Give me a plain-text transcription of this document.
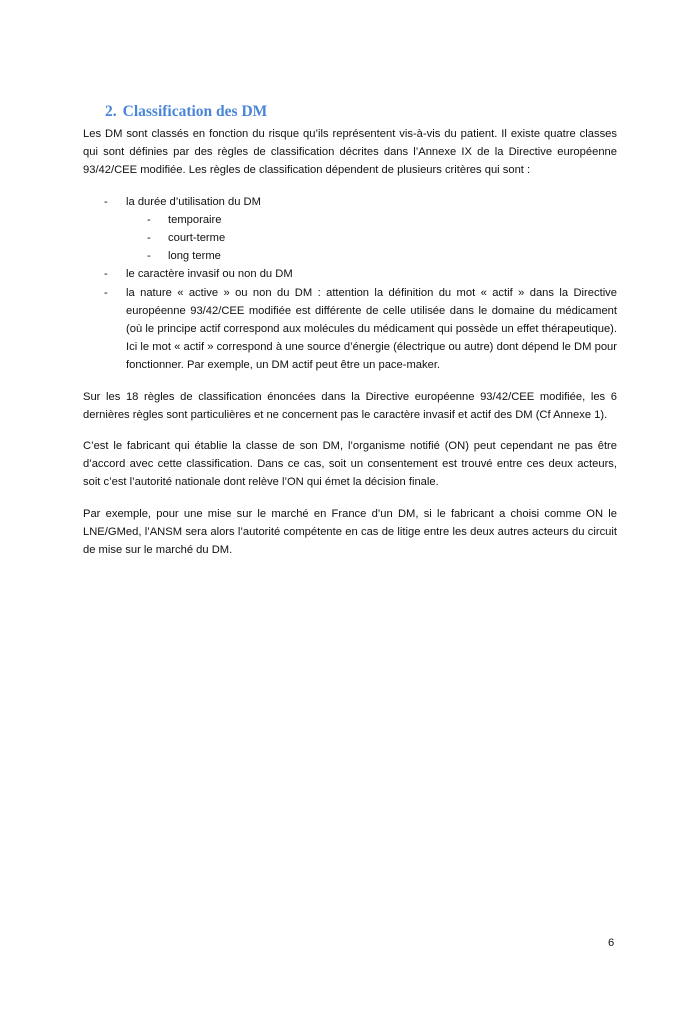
2. Classification des DM

Les DM sont classés en fonction du risque qu’ils représentent vis-à-vis du patient. Il existe quatre classes qui sont définies par des règles de classification décrites dans l’Annexe IX de la Directive européenne 93/42/CEE modifiée. Les règles de classification dépendent de plusieurs critères qui sont :

- la durée d’utilisation du DM
- temporaire
- court-terme
- long terme
- le caractère invasif ou non du DM
- la nature « active » ou non du DM : attention la définition du mot « actif » dans la Directive européenne 93/42/CEE modifiée est différente de celle utilisée dans le domaine du médicament (où le principe actif correspond aux molécules du médicament qui possède un effet thérapeutique). Ici le mot « actif » correspond à une source d’énergie (électrique ou autre) dont dépend le DM pour fonctionner. Par exemple, un DM actif peut être un pace-maker.

Sur les 18 règles de classification énoncées dans la Directive européenne 93/42/CEE modifiée, les 6 dernières règles sont particulières et ne concernent pas le caractère invasif et actif des DM (Cf Annexe 1).

C’est le fabricant qui établie la classe de son DM, l’organisme notifié (ON) peut cependant ne pas être d’accord avec cette classification. Dans ce cas, soit un consentement est trouvé entre ces deux acteurs, soit c’est l’autorité nationale dont relève l’ON qui émet la décision finale.

Par exemple, pour une mise sur le marché en France d’un DM, si le fabricant a choisi comme ON le LNE/GMed, l’ANSM sera alors l’autorité compétente en cas de litige entre les deux autres acteurs du circuit de mise sur le marché du DM.

6
